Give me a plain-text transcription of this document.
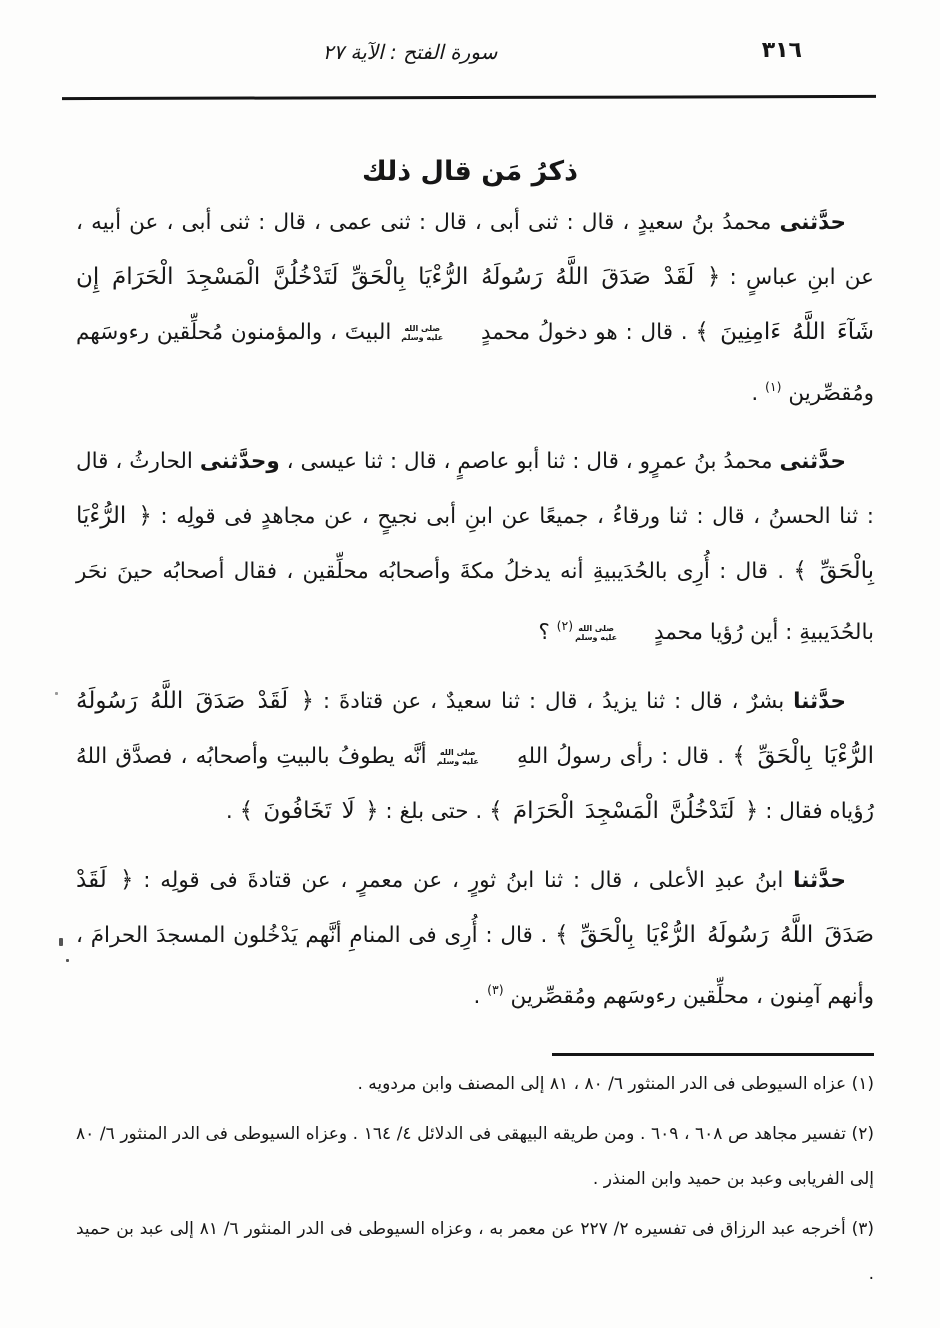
سورة الفتح : الآية ٢٧	٣١٦
ذكرُ مَن قال ذلك

حدَّثنى محمدُ بنُ سعيدٍ ، قال : ثنى أبى ، قال : ثنى عمى ، قال : ثنى أبى ، عن أبيه ، عن ابنِ عباسٍ : ﴿ لَقَدْ صَدَقَ اللَّهُ رَسُولَهُ الرُّءْيَا بِالْحَقِّ لَتَدْخُلُنَّ الْمَسْجِدَ الْحَرَامَ إِن شَآءَ اللَّهُ ءَامِنِينَ ﴾ . قال : هو دخولُ محمدٍ
صلى الله
عليه وسلم
البيتَ ، والمؤمنون مُحلِّقين رءوسَهم ومُقصِّرين $^{(١)}$ .

حدَّثنى محمدُ بنُ عمرٍو ، قال : ثنا أبو عاصمٍ ، قال : ثنا عيسى ، وحدَّثنى الحارثُ ، قال : ثنا الحسنُ ، قال : ثنا ورقاءُ ، جميعًا عن ابنِ أبى نجيحٍ ، عن مجاهدٍ فى قولِه : ﴿ الرُّءْيَا بِالْحَقِّ ﴾ . قال : أُرِى بالحُدَيبيةِ أنه يدخلُ مكةَ وأصحابُه محلِّقين ، فقال أصحابُه حينَ نحَر بالحُدَيبيةِ : أين رُؤيا محمدٍ
صلى الله
عليه وسلم
$^{(٢)}$ ؟

حدَّثنا بشرٌ ، قال : ثنا يزيدُ ، قال : ثنا سعيدٌ ، عن قتادةَ : ﴿ لَقَدْ صَدَقَ اللَّهُ رَسُولَهُ الرُّءْيَا بِالْحَقِّ ﴾ . قال : رأى رسولُ اللهِ
صلى الله
عليه وسلم
أنَّه يطوفُ بالبيتِ وأصحابُه ، فصدَّق اللهُ رُؤياه فقال : ﴿ لَتَدْخُلُنَّ الْمَسْجِدَ الْحَرَامَ ﴾ . حتى بلغ : ﴿ لَا تَخَافُونَ ﴾ .

حدَّثنا ابنُ عبدِ الأعلى ، قال : ثنا ابنُ ثورٍ ، عن معمرٍ ، عن قتادةَ فى قولِه : ﴿ لَقَدْ صَدَقَ اللَّهُ رَسُولَهُ الرُّءْيَا بِالْحَقِّ ﴾ . قال : أُرِى فى المنامِ أنَّهم يَدْخُلون المسجدَ الحرامَ ، وأنهم آمِنون ، محلِّقين رءوسَهم ومُقصِّرين $^{(٣)}$ .

(١) عزاه السيوطى فى الدر المنثور ٦/ ٨٠ ، ٨١ إلى المصنف وابن مردويه .

(٢) تفسير مجاهد ص ٦٠٨ ، ٦٠٩ . ومن طريقه البيهقى فى الدلائل ٤/ ١٦٤ . وعزاه السيوطى فى الدر المنثور ٦/ ٨٠ إلى الفريابى وعبد بن حميد وابن المنذر .

(٣) أخرجه عبد الرزاق فى تفسيره ٢/ ٢٢٧ عن معمر به ، وعزاه السيوطى فى الدر المنثور ٦/ ٨١ إلى عبد بن حميد .
